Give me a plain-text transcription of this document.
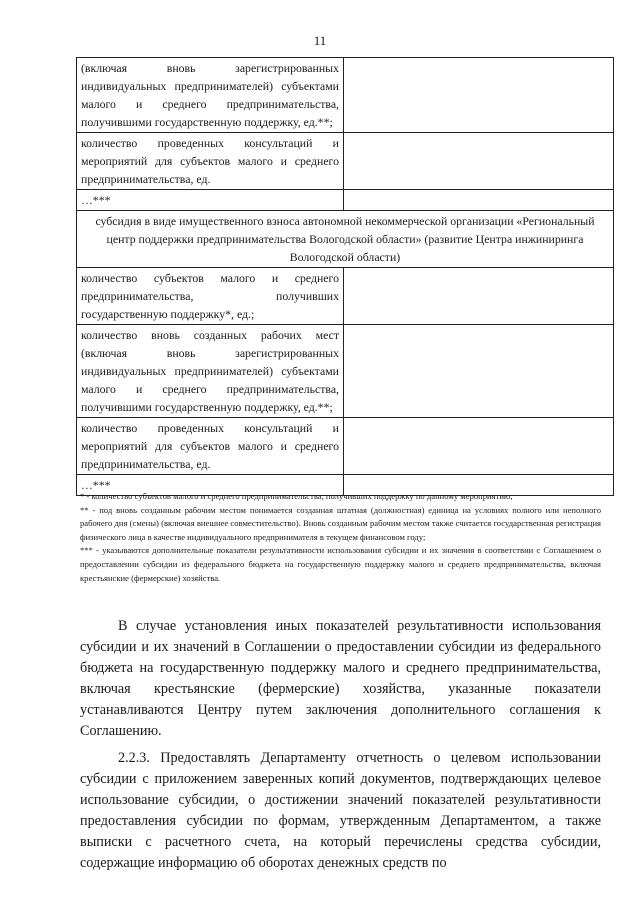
11
(включая вновь зарегистрированных индивидуальных предпринимателей) субъектами малого и среднего предпринимательства, получившими государственную поддержку, ед.**;	
количество проведенных консультаций и мероприятий для субъектов малого и среднего предпринимательства, ед.	
…***	
субсидия в виде имущественного взноса автономной некоммерческой организации «Региональный центр поддержки предпринимательства Вологодской области» (развитие Центра инжиниринга Вологодской области)	
количество субъектов малого и среднего предпринимательства, получивших государственную поддержку*, ед.;	
количество вновь созданных рабочих мест (включая вновь зарегистрированных индивидуальных предпринимателей) субъектами малого и среднего предпринимательства, получившими государственную поддержку, ед.**;	
количество проведенных консультаций и мероприятий для субъектов малого и среднего предпринимательства, ед.	
…***	

* - количество субъектов малого и среднего предпринимательства, получивших поддержку по данному мероприятию;

** - под вновь созданным рабочим местом понимается созданная штатная (должностная) единица на условиях полного или неполного рабочего дня (смены) (включая внешнее совместительство). Вновь созданным рабочим местом также считается государственная регистрация физического лица в качестве индивидуального предпринимателя в текущем финансовом году;

*** - указываются дополнительные показатели результативности использования субсидии и их значения в соответствии с Соглашением о предоставлении субсидии из федерального бюджета на государственную поддержку малого и среднего предпринимательства, включая крестьянские (фермерские) хозяйства.

В случае установления иных показателей результативности использования субсидии и их значений в Соглашении о предоставлении субсидии из федерального бюджета на государственную поддержку малого и среднего предпринимательства, включая крестьянские (фермерские) хозяйства, указанные показатели устанавливаются Центру путем заключения дополнительного соглашения к Соглашению.

2.2.3. Предоставлять Департаменту отчетность о целевом использовании субсидии с приложением заверенных копий документов, подтверждающих целевое использование субсидии, о достижении значений показателей результативности предоставления субсидии по формам, утвержденным Департаментом, а также выписки с расчетного счета, на который перечислены средства субсидии, содержащие информацию об оборотах денежных средств по
